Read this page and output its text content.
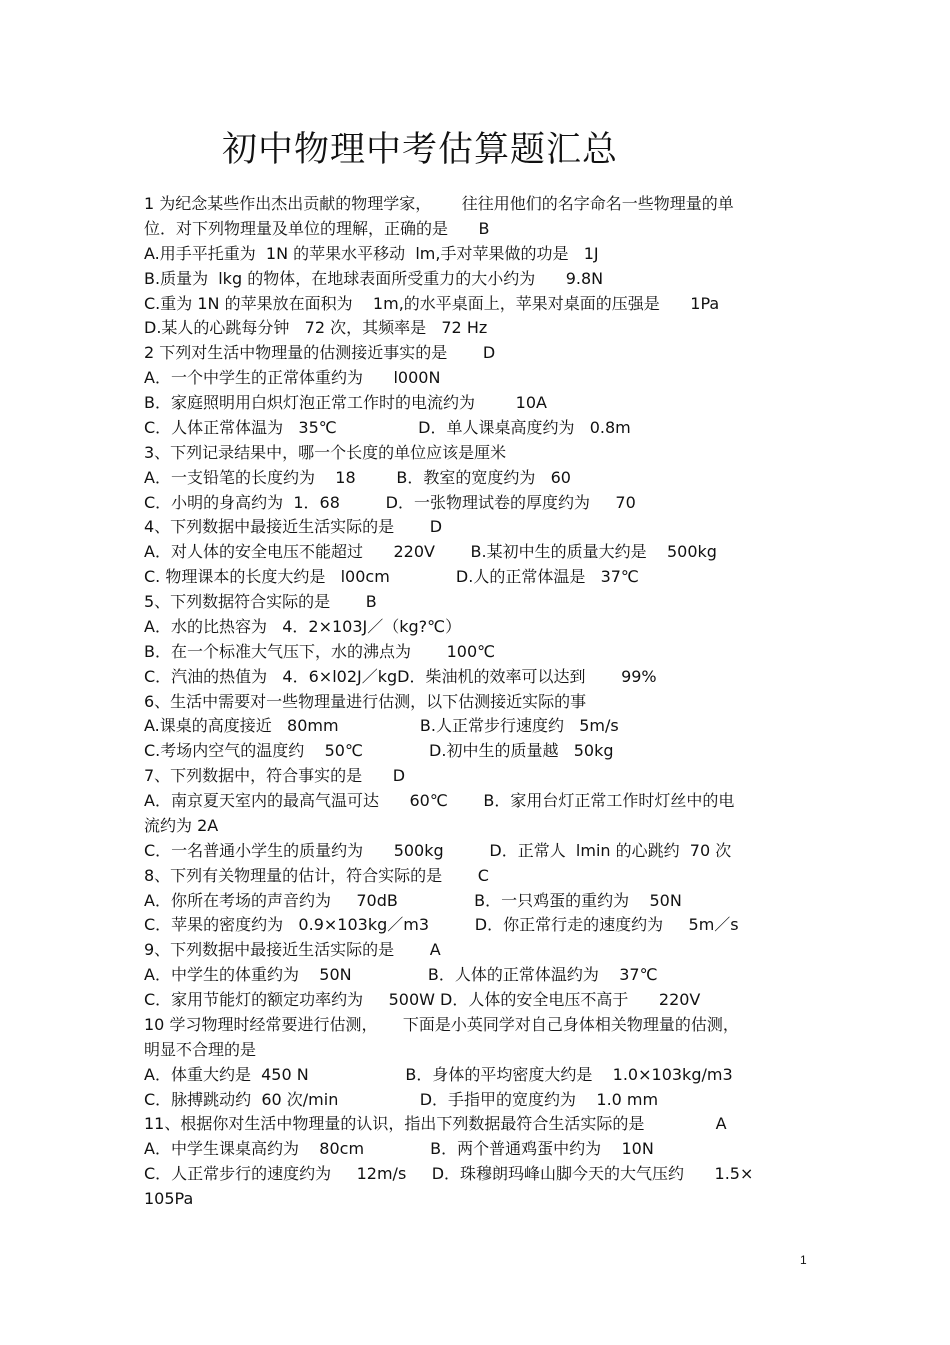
初中物理中考估算题汇总
1 为纪念某些作出杰出贡献的物理学家，      往往用他们的名字命名一些物理量的单
位．对下列物理量及单位的理解，正确的是      B
A.用手平托重为  1N 的苹果水平移动  lm,手对苹果做的功是   1J
B.质量为  lkg 的物体，在地球表面所受重力的大小约为      9.8N
C.重为 1N 的苹果放在面积为    1m,的水平桌面上，苹果对桌面的压强是      1Pa
D.某人的心跳每分钟   72 次，其频率是   72 Hz
2 下列对生活中物理量的估测接近事实的是       D
A．一个中学生的正常体重约为      l000N
B．家庭照明用白炽灯泡正常工作时的电流约为        10A
C．人体正常体温为   35℃                D．单人课桌高度约为   0.8m
3、下列记录结果中，哪一个长度的单位应该是厘米
A．一支铅笔的长度约为    18        B．教室的宽度约为   60
C．小明的身高约为  1．68         D．一张物理试卷的厚度约为     70
4、下列数据中最接近生活实际的是       D
A．对人体的安全电压不能超过      220V       B.某初中生的质量大约是    500kg
C. 物理课本的长度大约是   l00cm             D.人的正常体温是   37℃
5、下列数据符合实际的是       B
A．水的比热容为   4．2×103J／（kg?℃）
B．在一个标准大气压下，水的沸点为       100℃
C．汽油的热值为   4．6×l02J／kgD．柴油机的效率可以达到       99%
6、生活中需要对一些物理量进行估测，以下估测接近实际的事
A.课桌的高度接近   80mm                B.人正常步行速度约   5m/s
C.考场内空气的温度约    50℃             D.初中生的质量越   50kg
7、下列数据中，符合事实的是      D
A．南京夏天室内的最高气温可达      60℃       B．家用台灯正常工作时灯丝中的电
流约为 2A
C．一名普通小学生的质量约为      500kg         D．正常人  lmin 的心跳约  70 次
8、下列有关物理量的估计，符合实际的是       C
A．你所在考场的声音约为     70dB               B．一只鸡蛋的重约为    50N
C．苹果的密度约为   0.9×103kg／m3         D．你正常行走的速度约为     5m／s
9、下列数据中最接近生活实际的是       A
A．中学生的体重约为    50N               B．人体的正常体温约为    37℃
C．家用节能灯的额定功率约为     500W D．人体的安全电压不高于      220V
10 学习物理时经常要进行估测，     下面是小英同学对自己身体相关物理量的估测，
明显不合理的是
A．体重大约是  450 N                   B．身体的平均密度大约是    1.0×103kg/m3
C．脉搏跳动约  60 次/min                D．手指甲的宽度约为    1.0 mm
11、根据你对生活中物理量的认识，指出下列数据最符合生活实际的是              A
A．中学生课桌高约为    80cm             B．两个普通鸡蛋中约为    10N
C．人正常步行的速度约为     12m/s     D．珠穆朗玛峰山脚今天的大气压约      1.5×
105Pa
1
